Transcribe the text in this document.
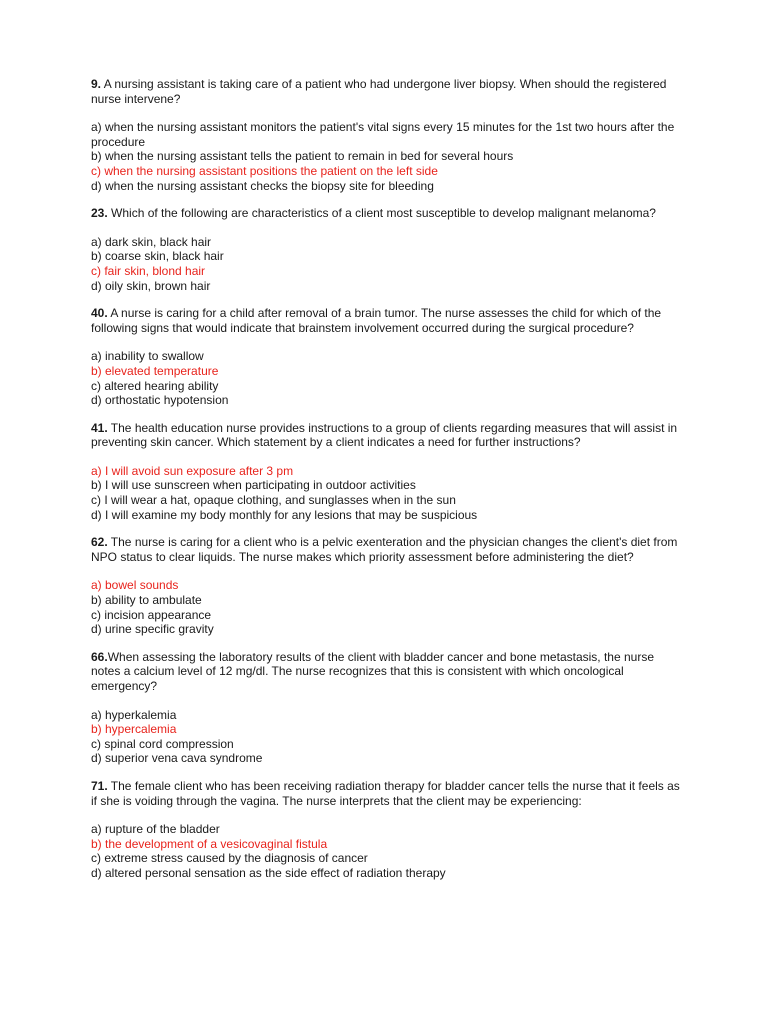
9. A nursing assistant is taking care of a patient who had undergone liver biopsy. When should the registered nurse intervene?

a) when the nursing assistant monitors the patient's vital signs every 15 minutes for the 1st two hours after the procedure
b) when the nursing assistant tells the patient to remain in bed for several hours
c) when the nursing assistant positions the patient on the left side
d) when the nursing assistant checks the biopsy site for bleeding

23. Which of the following are characteristics of a client most susceptible to develop malignant melanoma?

a) dark skin, black hair
b) coarse skin, black hair
c) fair skin, blond hair
d) oily skin, brown hair

40. A nurse is caring for a child after removal of a brain tumor. The nurse assesses the child for which of the following signs that would indicate that brainstem involvement occurred during the surgical procedure?

a) inability to swallow
b) elevated temperature
c) altered hearing ability
d) orthostatic hypotension

41. The health education nurse provides instructions to a group of clients regarding measures that will assist in preventing skin cancer. Which statement by a client indicates a need for further instructions?

a) I will avoid sun exposure after 3 pm
b) I will use sunscreen when participating in outdoor activities
c) I will wear a hat, opaque clothing, and sunglasses when in the sun
d) I will examine my body monthly for any lesions that may be suspicious

62. The nurse is caring for a client who is a pelvic exenteration and the physician changes the client's diet from NPO status to clear liquids. The nurse makes which priority assessment before administering the diet?

a) bowel sounds
b) ability to ambulate
c) incision appearance
d) urine specific gravity

66.When assessing the laboratory results of the client with bladder cancer and bone metastasis, the nurse notes a calcium level of 12 mg/dl. The nurse recognizes that this is consistent with which oncological emergency?

a) hyperkalemia
b) hypercalemia
c) spinal cord compression
d) superior vena cava syndrome

71. The female client who has been receiving radiation therapy for bladder cancer tells the nurse that it feels as if she is voiding through the vagina. The nurse interprets that the client may be experiencing:

a) rupture of the bladder
b) the development of a vesicovaginal fistula
c) extreme stress caused by the diagnosis of cancer
d) altered personal sensation as the side effect of radiation therapy
